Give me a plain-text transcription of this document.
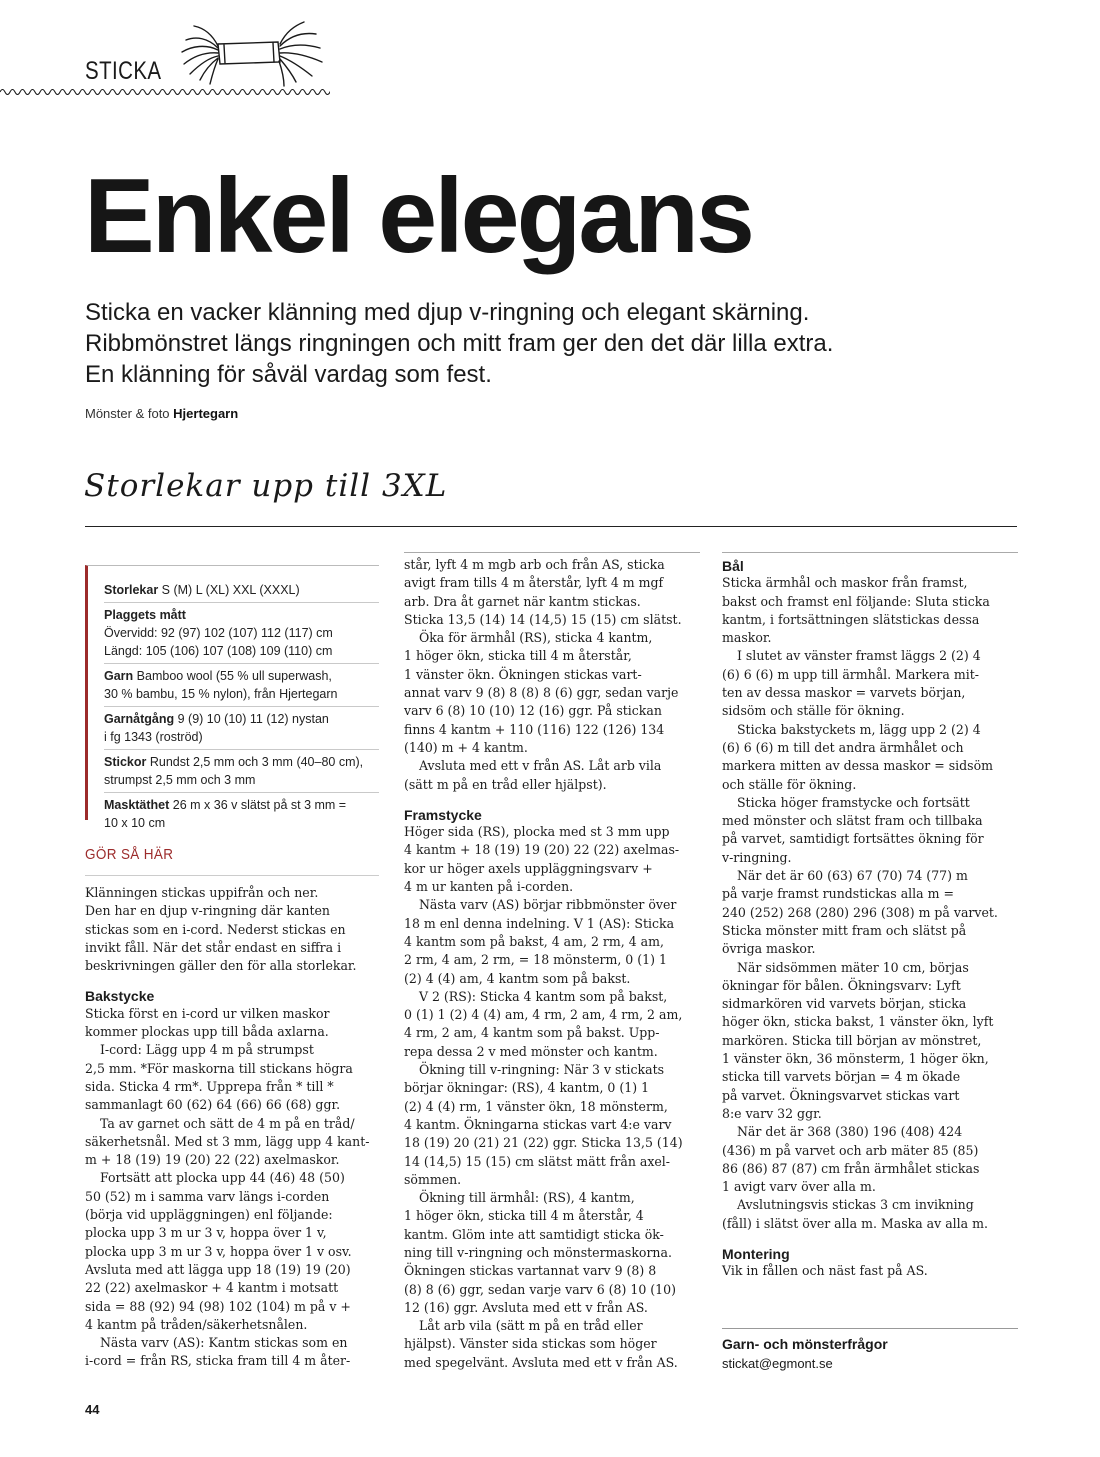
STICKA
Enkel elegans
Sticka en vacker klänning med djup v-ringning och elegant skärning.
Ribbmönstret längs ringningen och mitt fram ger den det där lilla extra.
En klänning för såväl vardag som fest.
Mönster & foto Hjertegarn
Storlekar upp till 3XL
Storlekar S (M) L (XL) XXL (XXXL)
Plaggets mått
Övervidd: 92 (97) 102 (107) 112 (117) cm
Längd: 105 (106) 107 (108) 109 (110) cm
Garn Bamboo wool (55 % ull superwash,
30 % bambu, 15 % nylon), från Hjertegarn
Garnåtgång 9 (9) 10 (10) 11 (12) nystan
i fg 1343 (roströd)
Stickor Rundst 2,5 mm och 3 mm (40–80 cm),
strumpst 2,5 mm och 3 mm
Masktäthet 26 m x 36 v slätst på st 3 mm =
10 x 10 cm
GÖR SÅ HÄR
Klänningen stickas uppifrån och ner.
Den har en djup v-ringning där kanten
stickas som en i-cord. Nederst stickas en
invikt fåll. När det står endast en siffra i
beskrivningen gäller den för alla storlekar.
Bakstycke
Sticka först en i-cord ur vilken maskor
kommer plockas upp till båda axlarna.
I-cord: Lägg upp 4 m på strumpst
2,5 mm. *För maskorna till stickans högra
sida. Sticka 4 rm*. Upprepa från * till *
sammanlagt 60 (62) 64 (66) 66 (68) ggr.
Ta av garnet och sätt de 4 m på en tråd/
säkerhetsnål. Med st 3 mm, lägg upp 4 kant-
m + 18 (19) 19 (20) 22 (22) axelmaskor.
Fortsätt att plocka upp 44 (46) 48 (50)
50 (52) m i samma varv längs i-corden
(börja vid uppläggningen) enl följande:
plocka upp 3 m ur 3 v, hoppa över 1 v,
plocka upp 3 m ur 3 v, hoppa över 1 v osv.
Avsluta med att lägga upp 18 (19) 19 (20)
22 (22) axelmaskor + 4 kantm i motsatt
sida = 88 (92) 94 (98) 102 (104) m på v +
4 kantm på tråden/säkerhetsnålen.
Nästa varv (AS): Kantm stickas som en
i-cord = från RS, sticka fram till 4 m åter-
står, lyft 4 m mgb arb och från AS, sticka
avigt fram tills 4 m återstår, lyft 4 m mgf
arb. Dra åt garnet när kantm stickas.
Sticka 13,5 (14) 14 (14,5) 15 (15) cm slätst.
Öka för ärmhål (RS), sticka 4 kantm,
1 höger ökn, sticka till 4 m återstår,
1 vänster ökn. Ökningen stickas vart-
annat varv 9 (8) 8 (8) 8 (6) ggr, sedan varje
varv 6 (8) 10 (10) 12 (16) ggr. På stickan
finns 4 kantm + 110 (116) 122 (126) 134
(140) m + 4 kantm.
Avsluta med ett v från AS. Låt arb vila
(sätt m på en tråd eller hjälpst).
Framstycke
Höger sida (RS), plocka med st 3 mm upp
4 kantm + 18 (19) 19 (20) 22 (22) axelmas-
kor ur höger axels uppläggningsvarv +
4 m ur kanten på i-corden.
Nästa varv (AS) börjar ribbmönster över
18 m enl denna indelning. V 1 (AS): Sticka
4 kantm som på bakst, 4 am, 2 rm, 4 am,
2 rm, 4 am, 2 rm, = 18 mönsterm, 0 (1) 1
(2) 4 (4) am, 4 kantm som på bakst.
V 2 (RS): Sticka 4 kantm som på bakst,
0 (1) 1 (2) 4 (4) am, 4 rm, 2 am, 4 rm, 2 am,
4 rm, 2 am, 4 kantm som på bakst. Upp-
repa dessa 2 v med mönster och kantm.
Ökning till v-ringning: När 3 v stickats
börjar ökningar: (RS), 4 kantm, 0 (1) 1
(2) 4 (4) rm, 1 vänster ökn, 18 mönsterm,
4 kantm. Ökningarna stickas vart 4:e varv
18 (19) 20 (21) 21 (22) ggr. Sticka 13,5 (14)
14 (14,5) 15 (15) cm slätst mätt från axel-
sömmen.
Ökning till ärmhål: (RS), 4 kantm,
1 höger ökn, sticka till 4 m återstår, 4
kantm. Glöm inte att samtidigt sticka ök-
ning till v-ringning och mönstermaskorna.
Ökningen stickas vartannat varv 9 (8) 8
(8) 8 (6) ggr, sedan varje varv 6 (8) 10 (10)
12 (16) ggr. Avsluta med ett v från AS.
Låt arb vila (sätt m på en tråd eller
hjälpst). Vänster sida stickas som höger
med spegelvänt. Avsluta med ett v från AS.
Bål
Sticka ärmhål och maskor från framst,
bakst och framst enl följande: Sluta sticka
kantm, i fortsättningen slätstickas dessa
maskor.
I slutet av vänster framst läggs 2 (2) 4
(6) 6 (6) m upp till ärmhål. Markera mit-
ten av dessa maskor = varvets början,
sidsöm och ställe för ökning.
Sticka bakstyckets m, lägg upp 2 (2) 4
(6) 6 (6) m till det andra ärmhålet och
markera mitten av dessa maskor = sidsöm
och ställe för ökning.
Sticka höger framstycke och fortsätt
med mönster och slätst fram och tillbaka
på varvet, samtidigt fortsättes ökning för
v-ringning.
När det är 60 (63) 67 (70) 74 (77) m
på varje framst rundstickas alla m =
240 (252) 268 (280) 296 (308) m på varvet.
Sticka mönster mitt fram och slätst på
övriga maskor.
När sidsömmen mäter 10 cm, börjas
ökningar för bålen. Ökningsvarv: Lyft
sidmarkören vid varvets början, sticka
höger ökn, sticka bakst, 1 vänster ökn, lyft
markören. Sticka till början av mönstret,
1 vänster ökn, 36 mönsterm, 1 höger ökn,
sticka till varvets början = 4 m ökade
på varvet. Ökningsvarvet stickas vart
8:e varv 32 ggr.
När det är 368 (380) 196 (408) 424
(436) m på varvet och arb mäter 85 (85)
86 (86) 87 (87) cm från ärmhålet stickas
1 avigt varv över alla m.
Avslutningsvis stickas 3 cm invikning
(fåll) i slätst över alla m. Maska av alla m.
Montering
Vik in fållen och näst fast på AS.
Garn- och mönsterfrågor
stickat@egmont.se
44
